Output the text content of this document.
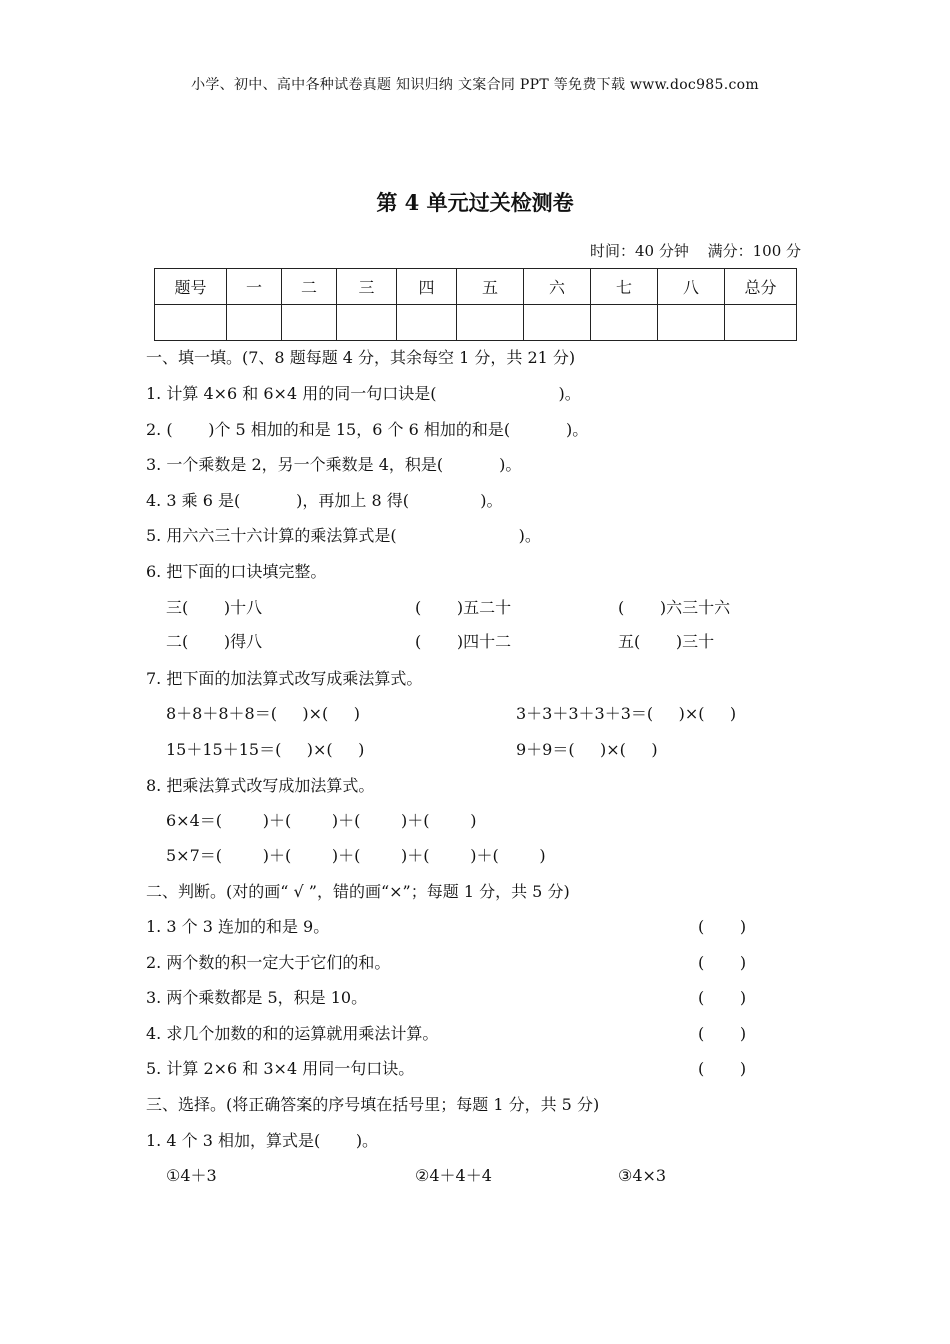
小学、初中、高中各种试卷真题 知识归纳 文案合同 PPT 等免费下载 www.doc985.com
第 4 单元过关检测卷
时间：40 分钟 满分：100 分
题号	一	二	三	四	五	六	七	八	总分

一、填一填。(7、8 题每题 4 分，其余每空 1 分，共 21 分)
1. 计算 4×6 和 6×4 用的同一句口诀是(                        )。
2. (       )个 5 相加的和是 15，6 个 6 相加的和是(           )。
3. 一个乘数是 2，另一个乘数是 4，积是(           )。
4. 3 乘 6 是(           )，再加上 8 得(              )。
5. 用六六三十六计算的乘法算式是(                        )。
6. 把下面的口诀填完整。
三(       )十八	(       )五二十	(       )六三十六
二(       )得八	(       )四十二	五(       )三十
7. 把下面的加法算式改写成乘法算式。
8＋8＋8＋8＝(     )×(     )	3＋3＋3＋3＋3＝(     )×(     )
15＋15＋15＝(     )×(     )	9＋9＝(     )×(     )
8. 把乘法算式改写成加法算式。
6×4＝(        )＋(        )＋(        )＋(        )
5×7＝(        )＋(        )＋(        )＋(        )＋(        )
二、判断。(对的画“ √ ”，错的画“×”；每题 1 分，共 5 分)
1. 3 个 3 连加的和是 9。	(       )
2. 两个数的积一定大于它们的和。	(       )
3. 两个乘数都是 5，积是 10。	(       )
4. 求几个加数的和的运算就用乘法计算。	(       )
5. 计算 2×6 和 3×4 用同一句口诀。	(       )
三、选择。(将正确答案的序号填在括号里；每题 1 分，共 5 分)
1. 4 个 3 相加，算式是(       )。
①4＋3	②4＋4＋4	③4×3
